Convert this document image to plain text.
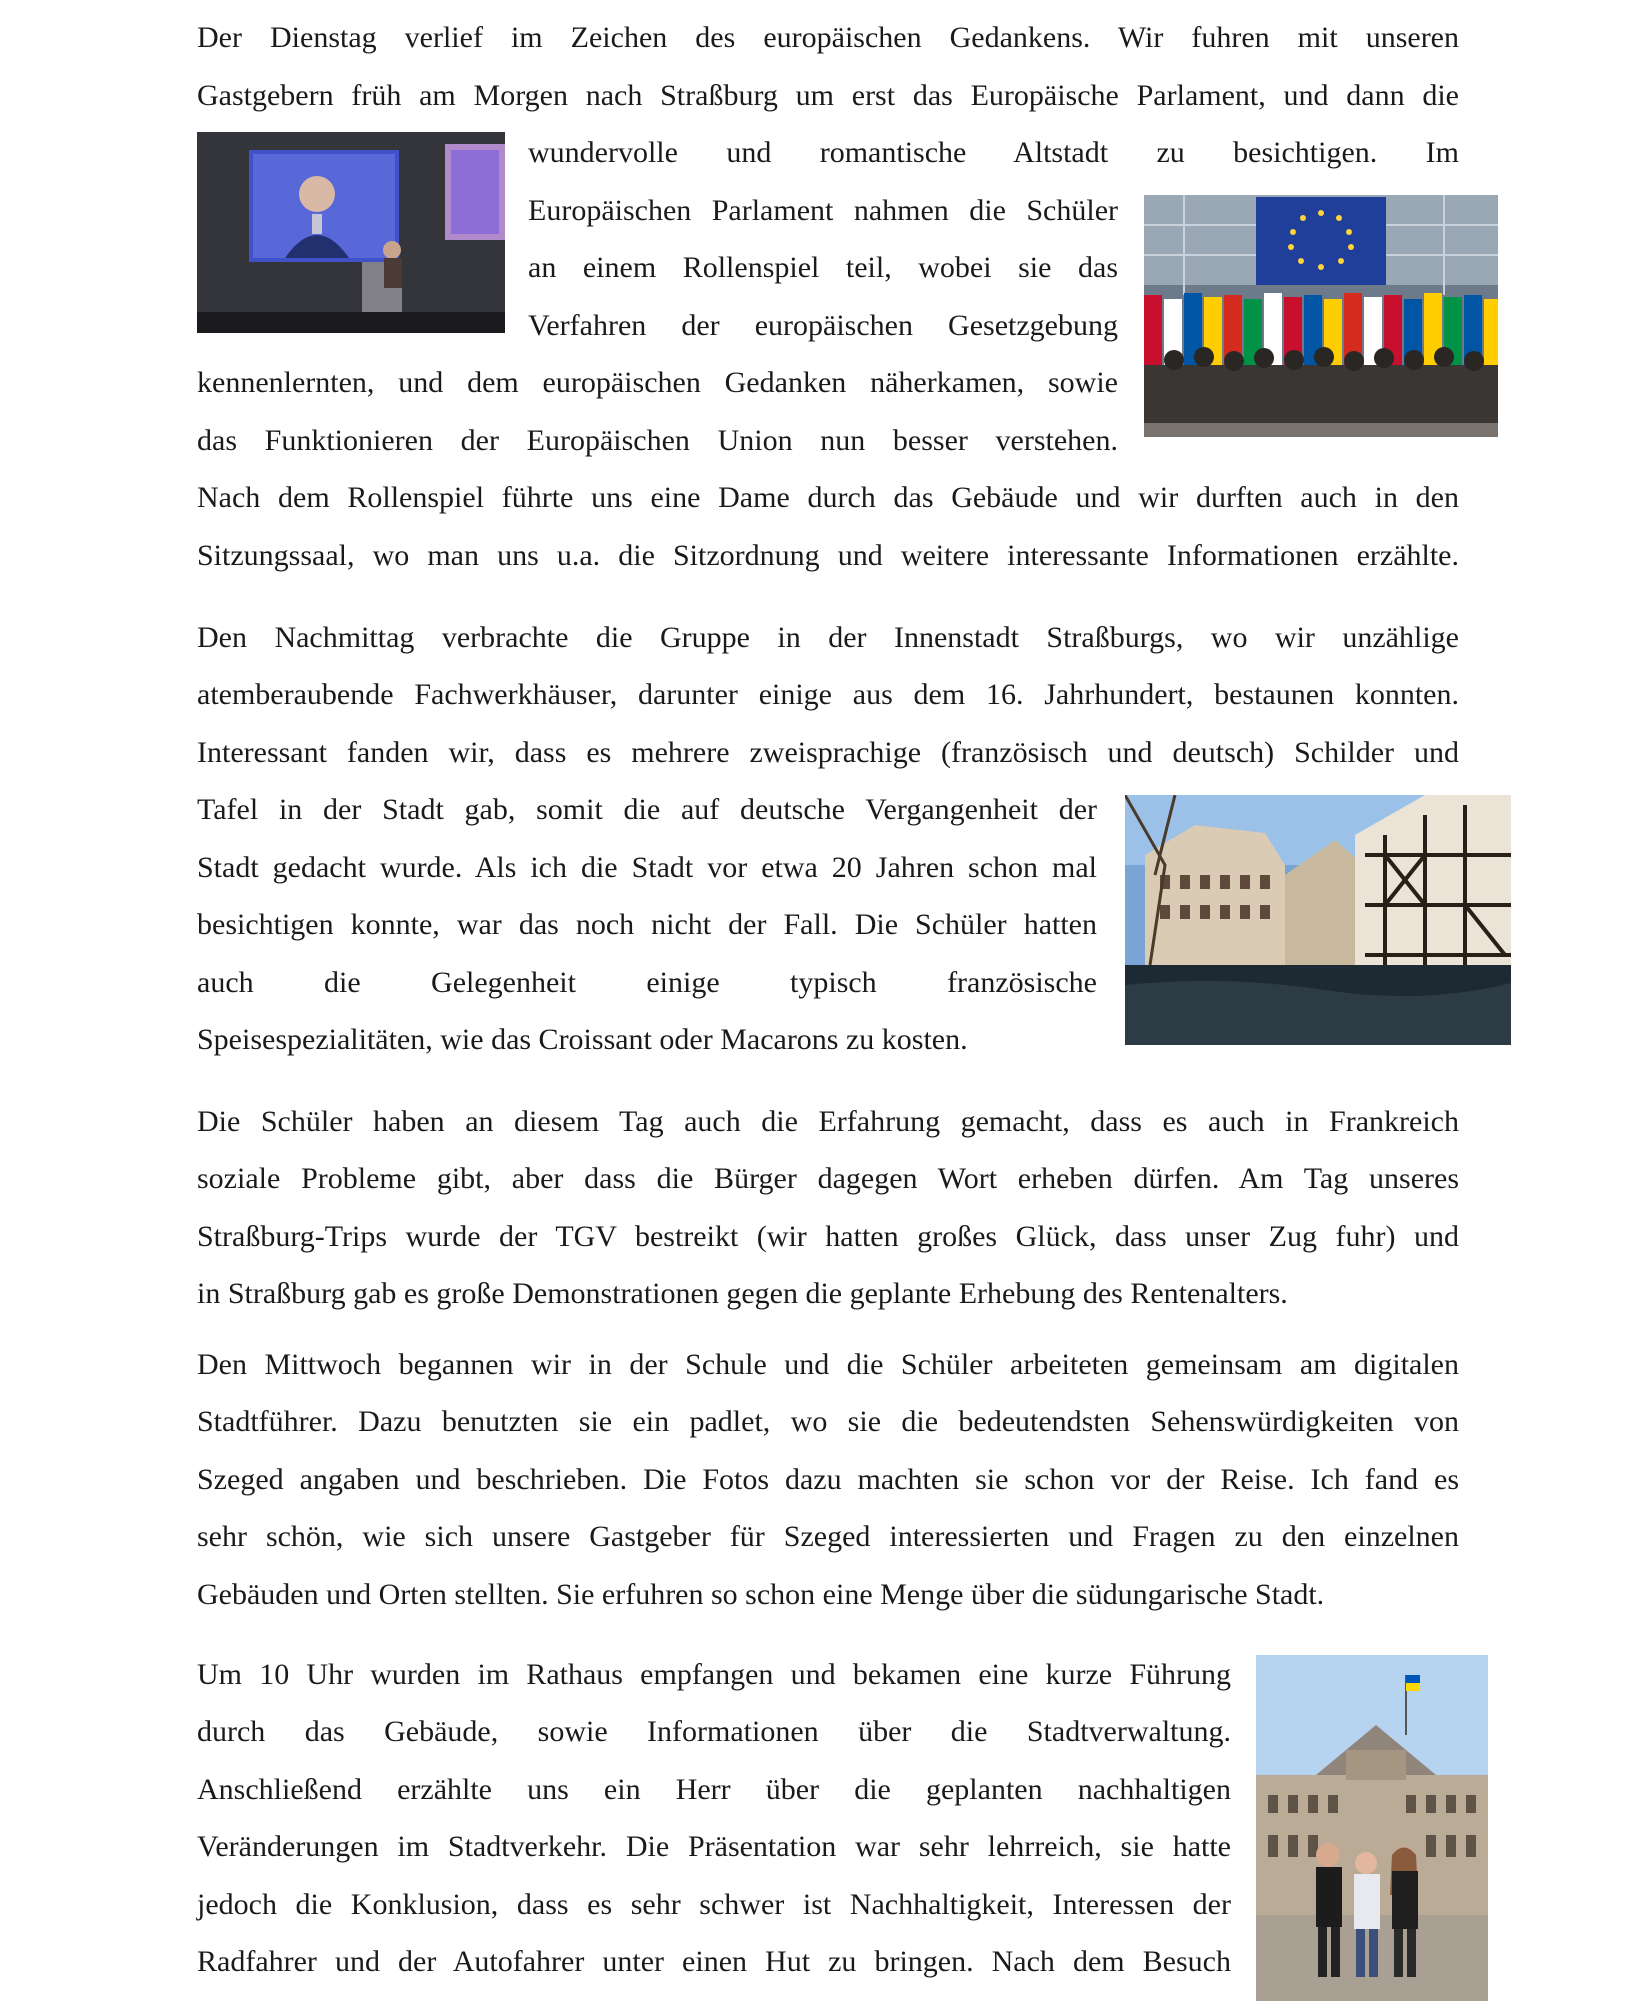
Der Dienstag verlief im Zeichen des europäischen Gedankens. Wir fuhren mit unseren
Gastgebern früh am Morgen nach Straßburg um erst das Europäische Parlament, und dann die
wundervolle und romantische Altstadt zu besichtigen. Im
Europäischen Parlament nahmen die Schüler
an einem Rollenspiel teil, wobei sie das
Verfahren der europäischen Gesetzgebung
kennenlernten, und dem europäischen Gedanken näherkamen, sowie
das Funktionieren der Europäischen Union nun besser verstehen.
Nach dem Rollenspiel führte uns eine Dame durch das Gebäude und wir durften auch in den
Sitzungssaal, wo man uns u.a. die Sitzordnung und weitere interessante Informationen erzählte.
Den Nachmittag verbrachte die Gruppe in der Innenstadt Straßburgs, wo wir unzählige
atemberaubende Fachwerkhäuser, darunter einige aus dem 16. Jahrhundert, bestaunen konnten.
Interessant fanden wir, dass es mehrere zweisprachige (französisch und deutsch) Schilder und
Tafel in der Stadt gab, somit die auf deutsche Vergangenheit der
Stadt gedacht wurde. Als ich die Stadt vor etwa 20 Jahren schon mal
besichtigen konnte, war das noch nicht der Fall. Die Schüler hatten
auch die Gelegenheit einige typisch französische
Speisespezialitäten, wie das Croissant oder Macarons zu kosten.
Die Schüler haben an diesem Tag auch die Erfahrung gemacht, dass es auch in Frankreich
soziale Probleme gibt, aber dass die Bürger dagegen Wort erheben dürfen. Am Tag unseres
Straßburg-Trips wurde der TGV bestreikt (wir hatten großes Glück, dass unser Zug fuhr) und
in Straßburg gab es große Demonstrationen gegen die geplante Erhebung des Rentenalters.
Den Mittwoch begannen wir in der Schule und die Schüler arbeiteten gemeinsam am digitalen
Stadtführer. Dazu benutzten sie ein padlet, wo sie die bedeutendsten Sehenswürdigkeiten von
Szeged angaben und beschrieben. Die Fotos dazu machten sie schon vor der Reise. Ich fand es
sehr schön, wie sich unsere Gastgeber für Szeged interessierten und Fragen zu den einzelnen
Gebäuden und Orten stellten. Sie erfuhren so schon eine Menge über die südungarische Stadt.
Um 10 Uhr wurden im Rathaus empfangen und bekamen eine kurze Führung
durch das Gebäude, sowie Informationen über die Stadtverwaltung.
Anschließend erzählte uns ein Herr über die geplanten nachhaltigen
Veränderungen im Stadtverkehr. Die Präsentation war sehr lehrreich, sie hatte
jedoch die Konklusion, dass es sehr schwer ist Nachhaltigkeit, Interessen der
Radfahrer und der Autofahrer unter einen Hut zu bringen. Nach dem Besuch
